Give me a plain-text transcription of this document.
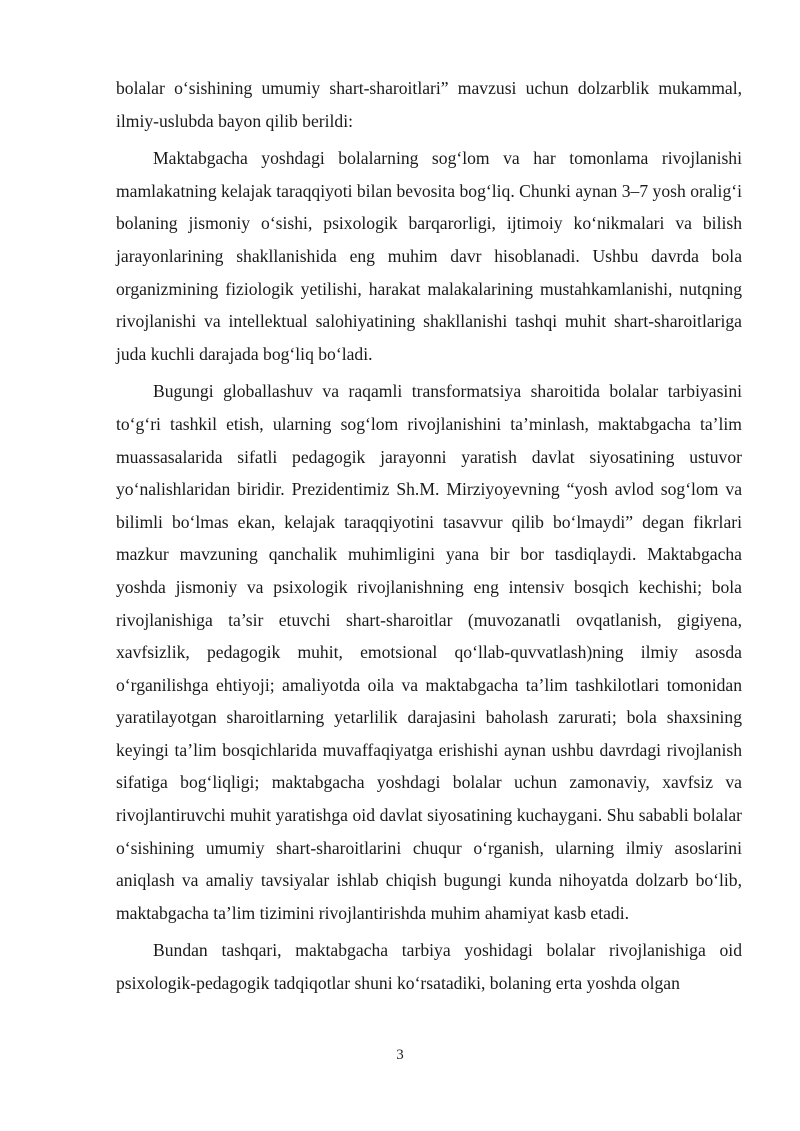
bolalar o‘sishining umumiy shart-sharoitlari” mavzusi uchun dolzarblik mukammal, ilmiy-uslubda bayon qilib berildi:

Maktabgacha yoshdagi bolalarning sog‘lom va har tomonlama rivojlanishi mamlakatning kelajak taraqqiyoti bilan bevosita bog‘liq. Chunki aynan 3–7 yosh oralig‘i bolaning jismoniy o‘sishi, psixologik barqarorligi, ijtimoiy ko‘nikmalari va bilish jarayonlarining shakllanishida eng muhim davr hisoblanadi. Ushbu davrda bola organizmining fiziologik yetilishi, harakat malakalarining mustahkamlanishi, nutqning rivojlanishi va intellektual salohiyatining shakllanishi tashqi muhit shart-sharoitlariga juda kuchli darajada bog‘liq bo‘ladi.

Bugungi globallashuv va raqamli transformatsiya sharoitida bolalar tarbiyasini to‘g‘ri tashkil etish, ularning sog‘lom rivojlanishini ta’minlash, maktabgacha ta’lim muassasalarida sifatli pedagogik jarayonni yaratish davlat siyosatining ustuvor yo‘nalishlaridan biridir. Prezidentimiz Sh.M. Mirziyoyevning “yosh avlod sog‘lom va bilimli bo‘lmas ekan, kelajak taraqqiyotini tasavvur qilib bo‘lmaydi” degan fikrlari mazkur mavzuning qanchalik muhimligini yana bir bor tasdiqlaydi. Maktabgacha yoshda jismoniy va psixologik rivojlanishning eng intensiv bosqich kechishi; bola rivojlanishiga ta’sir etuvchi shart-sharoitlar (muvozanatli ovqatlanish, gigiyena, xavfsizlik, pedagogik muhit, emotsional qo‘llab-quvvatlash)ning ilmiy asosda o‘rganilishga ehtiyoji; amaliyotda oila va maktabgacha ta’lim tashkilotlari tomonidan yaratilayotgan sharoitlarning yetarlilik darajasini baholash zarurati; bola shaxsining keyingi ta’lim bosqichlarida muvaffaqiyatga erishishi aynan ushbu davrdagi rivojlanish sifatiga bog‘liqligi; maktabgacha yoshdagi bolalar uchun zamonaviy, xavfsiz va rivojlantiruvchi muhit yaratishga oid davlat siyosatining kuchaygani. Shu sababli bolalar o‘sishining umumiy shart-sharoitlarini chuqur o‘rganish, ularning ilmiy asoslarini aniqlash va amaliy tavsiyalar ishlab chiqish bugungi kunda nihoyatda dolzarb bo‘lib, maktabgacha ta’lim tizimini rivojlantirishda muhim ahamiyat kasb etadi.

Bundan tashqari, maktabgacha tarbiya yoshidagi bolalar rivojlanishiga oid psixologik-pedagogik tadqiqotlar shuni ko‘rsatadiki, bolaning erta yoshda olgan

3
